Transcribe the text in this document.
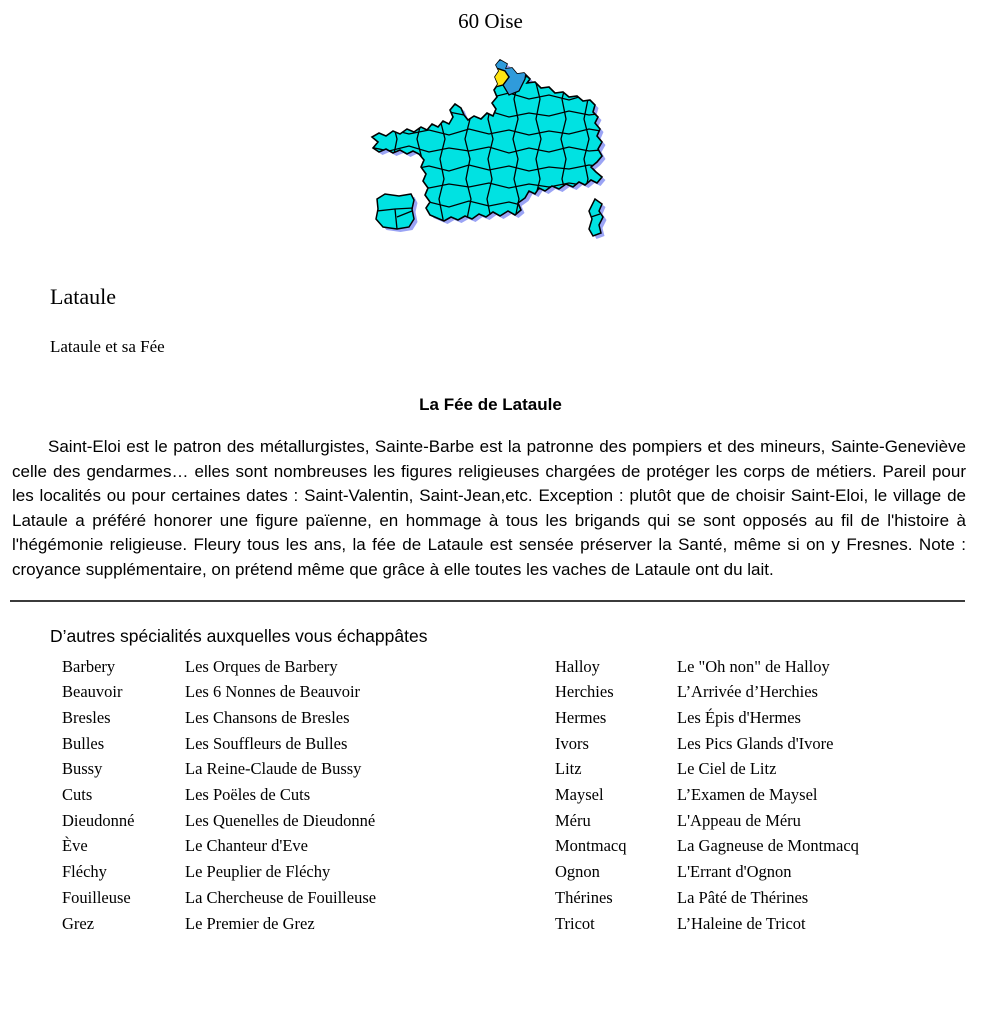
60 Oise
Lataule
Lataule et sa Fée
La Fée de Lataule

Saint-Eloi est le patron des métallurgistes, Sainte-Barbe est la patronne des pompiers et des mineurs, Sainte-Geneviève celle des gendarmes… elles sont nombreuses les figures religieuses chargées de protéger les corps de métiers. Pareil pour les localités ou pour certaines dates : Saint-Valentin, Saint-Jean,etc. Exception : plutôt que de choisir Saint-Eloi, le village de Lataule a préféré honorer une figure païenne, en hommage à tous les brigands qui se sont opposés au fil de l'histoire à l'hégémonie religieuse. Fleury tous les ans, la fée de Lataule est sensée préserver la Santé, même si on y Fresnes. Note : croyance supplémentaire, on prétend même que grâce à elle toutes les vaches de Lataule ont du lait.

D’autres spécialités auxquelles vous échappâtes
Barbery	Les Orques de Barbery	Halloy	Le "Oh non" de Halloy
Beauvoir	Les 6 Nonnes de Beauvoir	Herchies	L’Arrivée d’Herchies
Bresles	Les Chansons de Bresles	Hermes	Les Épis d'Hermes
Bulles	Les Souffleurs de Bulles	Ivors	Les Pics Glands d'Ivore
Bussy	La Reine-Claude de Bussy	Litz	Le Ciel de Litz
Cuts	Les Poëles de Cuts	Maysel	L’Examen de Maysel
Dieudonné	Les Quenelles de Dieudonné	Méru	L'Appeau de Méru
Ève	Le Chanteur d'Eve	Montmacq	La Gagneuse de Montmacq
Fléchy	Le Peuplier de Fléchy	Ognon	L'Errant d'Ognon
Fouilleuse	La Chercheuse de Fouilleuse	Thérines	La Pâté de Thérines
Grez	Le Premier de Grez	Tricot	L’Haleine de Tricot
